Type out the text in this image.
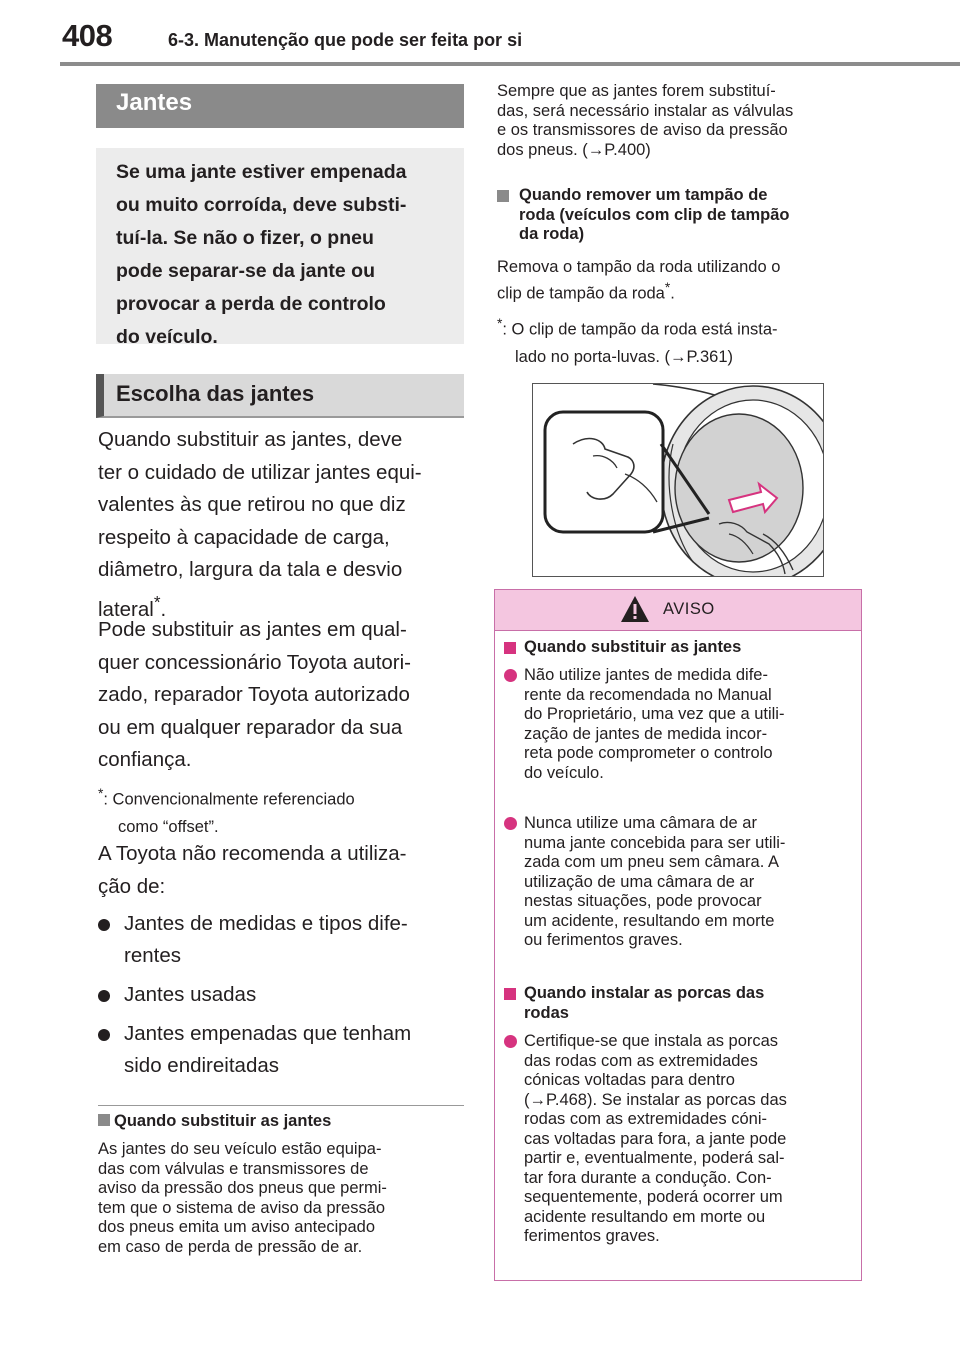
408	6-3. Manutenção que pode ser feita por si
Jantes
Se uma jante estiver empenada
ou muito corroída, deve substi-
tuí-la. Se não o fizer, o pneu
pode separar-se da jante ou
provocar a perda de controlo
do veículo.
Escolha das jantes
Quando substituir as jantes, deve
ter o cuidado de utilizar jantes equi-
valentes às que retirou no que diz
respeito à capacidade de carga,
diâmetro, largura da tala e desvio
lateral*.
Pode substituir as jantes em qual-
quer concessionário Toyota autori-
zado, reparador Toyota autorizado
ou em qualquer reparador da sua
confiança.
*: Convencionalmente referenciado
como “offset”.
A Toyota não recomenda a utiliza-
ção de:
Jantes de medidas e tipos dife-
rentes
Jantes usadas
Jantes empenadas que tenham
sido endireitadas
Quando substituir as jantes
As jantes do seu veículo estão equipa-
das com válvulas e transmissores de
aviso da pressão dos pneus que permi-
tem que o sistema de aviso da pressão
dos pneus emita um aviso antecipado
em caso de perda de pressão de ar.
Sempre que as jantes forem substituí-
das, será necessário instalar as válvulas
e os transmissores de aviso da pressão
dos pneus. (→P.400)
Quando remover um tampão de
roda (veículos com clip de tampão
da roda)
Remova o tampão da roda utilizando o
clip de tampão da roda*.
*: O clip de tampão da roda está insta-
lado no porta-luvas. (→P.361)
AVISO
Quando substituir as jantes
Não utilize jantes de medida dife-
rente da recomendada no Manual
do Proprietário, uma vez que a utili-
zação de jantes de medida incor-
reta pode comprometer o controlo
do veículo.
Nunca utilize uma câmara de ar
numa jante concebida para ser utili-
zada com um pneu sem câmara. A
utilização de uma câmara de ar
nestas situações, pode provocar
um acidente, resultando em morte
ou ferimentos graves.
Quando instalar as porcas das
rodas
Certifique-se que instala as porcas
das rodas com as extremidades
cónicas voltadas para dentro
(→P.468). Se instalar as porcas das
rodas com as extremidades cóni-
cas voltadas para fora, a jante pode
partir e, eventualmente, poderá sal-
tar fora durante a condução. Con-
sequentemente, poderá ocorrer um
acidente resultando em morte ou
ferimentos graves.
